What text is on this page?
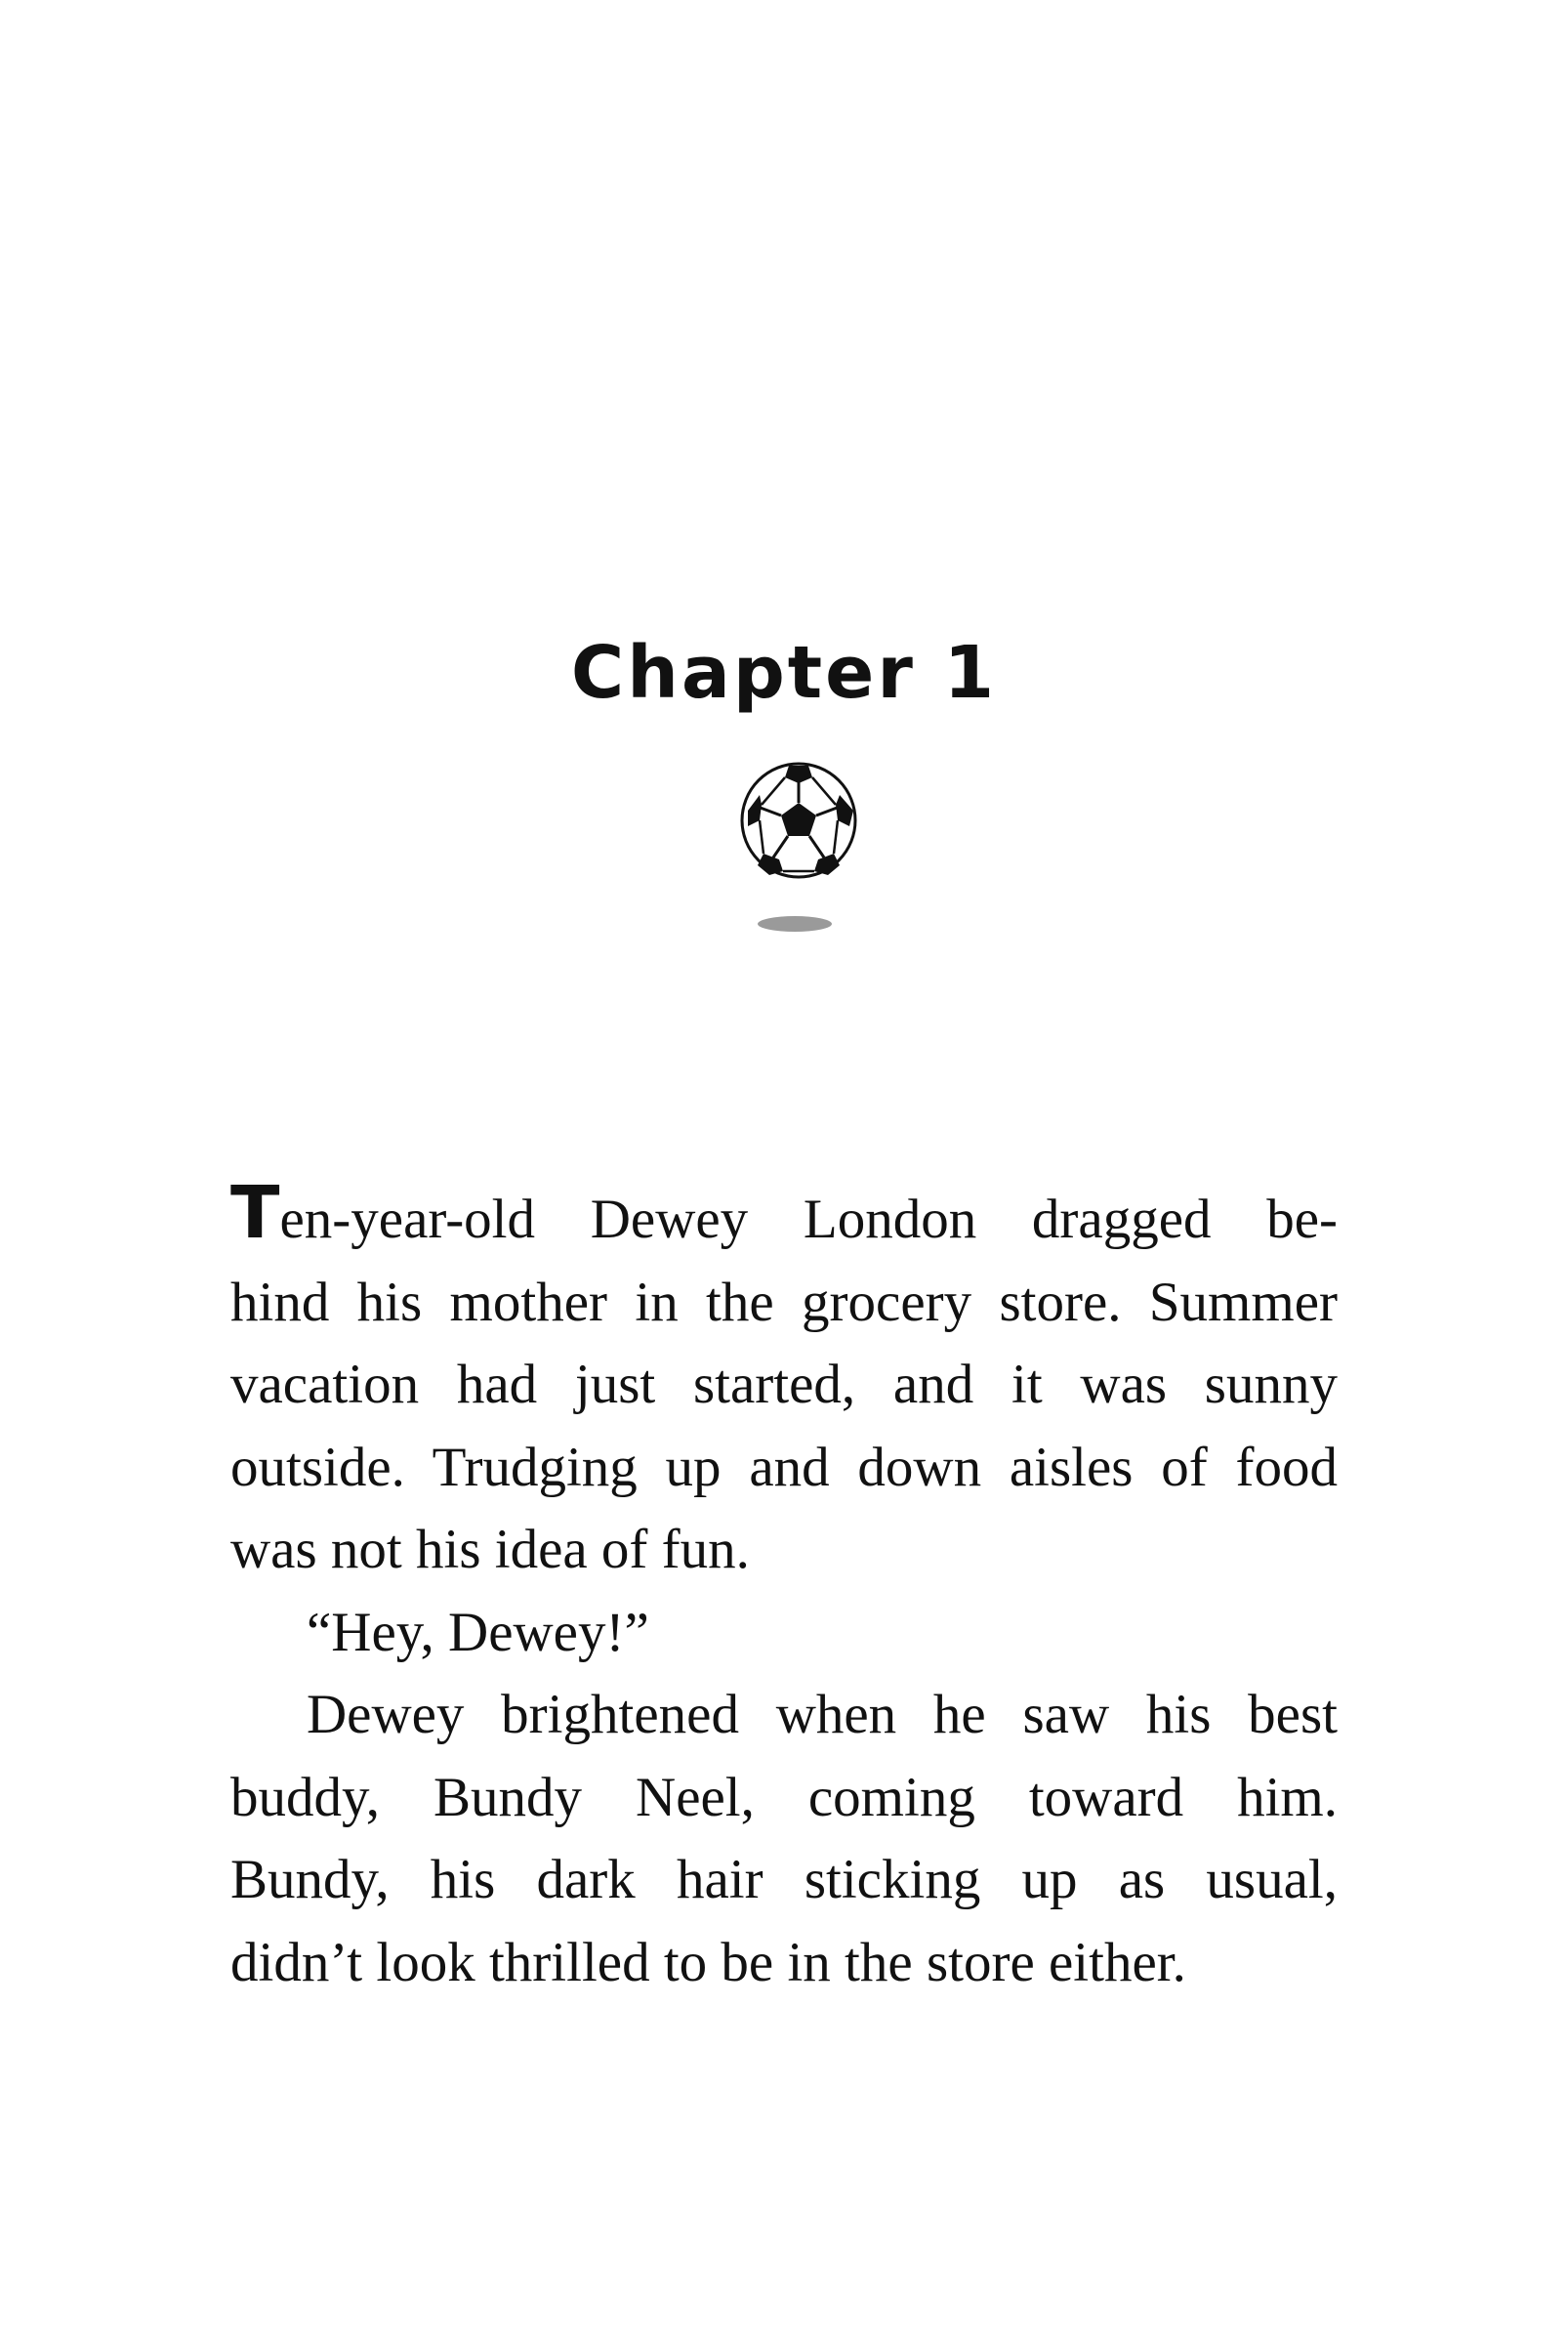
Chapter 1
Ten-year-old Dewey London dragged be-
hind his mother in the grocery store. Summer
vacation had just started, and it was sunny
outside. Trudging up and down aisles of food
was not his idea of fun.
“Hey, Dewey!”
Dewey brightened when he saw his best
buddy, Bundy Neel, coming toward him.
Bundy, his dark hair sticking up as usual,
didn’t look thrilled to be in the store either.
